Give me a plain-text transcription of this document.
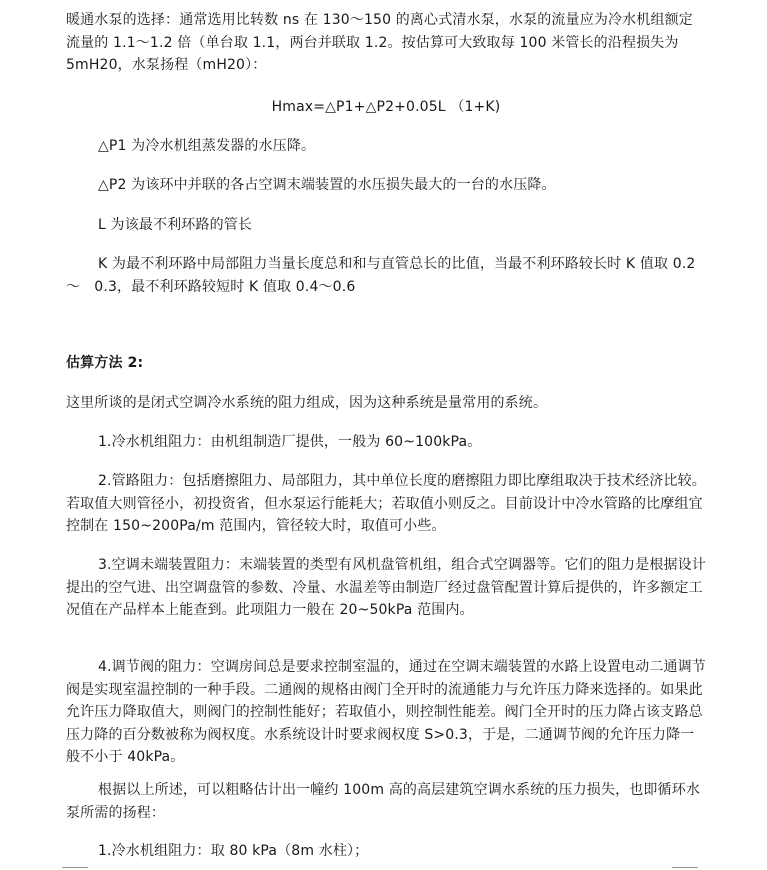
暖通水泵的选择：通常选用比转数 ns 在 130～150 的离心式清水泵，水泵的流量应为冷水机组额定流量的 1.1～1.2 倍（单台取 1.1，两台并联取 1.2。按估算可大致取每 100 米管长的沿程损失为 5mH20，水泵扬程（mH20）：
Hmax=△P1+△P2+0.05L （1+K)
△P1 为冷水机组蒸发器的水压降。
△P2 为该环中并联的各占空调末端装置的水压损失最大的一台的水压降。
L 为该最不利环路的管长
K 为最不利环路中局部阻力当量长度总和和与直管总长的比值，当最不利环路较长时 K 值取 0.2～　0.3，最不利环路较短时 K 值取 0.4～0.6
估算方法 2:
这里所谈的是闭式空调冷水系统的阻力组成，因为这种系统是量常用的系统。
1.冷水机组阻力：由机组制造厂提供，一般为 60~100kPa。
2.管路阻力：包括磨擦阻力、局部阻力，其中单位长度的磨擦阻力即比摩组取决于技术经济比较。若取值大则管径小，初投资省，但水泵运行能耗大；若取值小则反之。目前设计中冷水管路的比摩组宜控制在 150~200Pa/m 范围内，管径较大时，取值可小些。
3.空调未端装置阻力：末端装置的类型有风机盘管机组，组合式空调器等。它们的阻力是根据设计提出的空气进、出空调盘管的参数、冷量、水温差等由制造厂经过盘管配置计算后提供的，许多额定工况值在产品样本上能查到。此项阻力一般在 20~50kPa 范围内。
4.调节阀的阻力：空调房间总是要求控制室温的，通过在空调末端装置的水路上设置电动二通调节阀是实现室温控制的一种手段。二通阀的规格由阀门全开时的流通能力与允许压力降来选择的。如果此允许压力降取值大，则阀门的控制性能好；若取值小，则控制性能差。阀门全开时的压力降占该支路总压力降的百分数被称为阀权度。水系统设计时要求阀权度 S>0.3，于是，二通调节阀的允许压力降一般不小于 40kPa。
根据以上所述，可以粗略估计出一幢约 100m 高的高层建筑空调水系统的压力损失，也即循环水泵所需的扬程：
1.冷水机组阻力：取 80 kPa（8m 水柱）；
